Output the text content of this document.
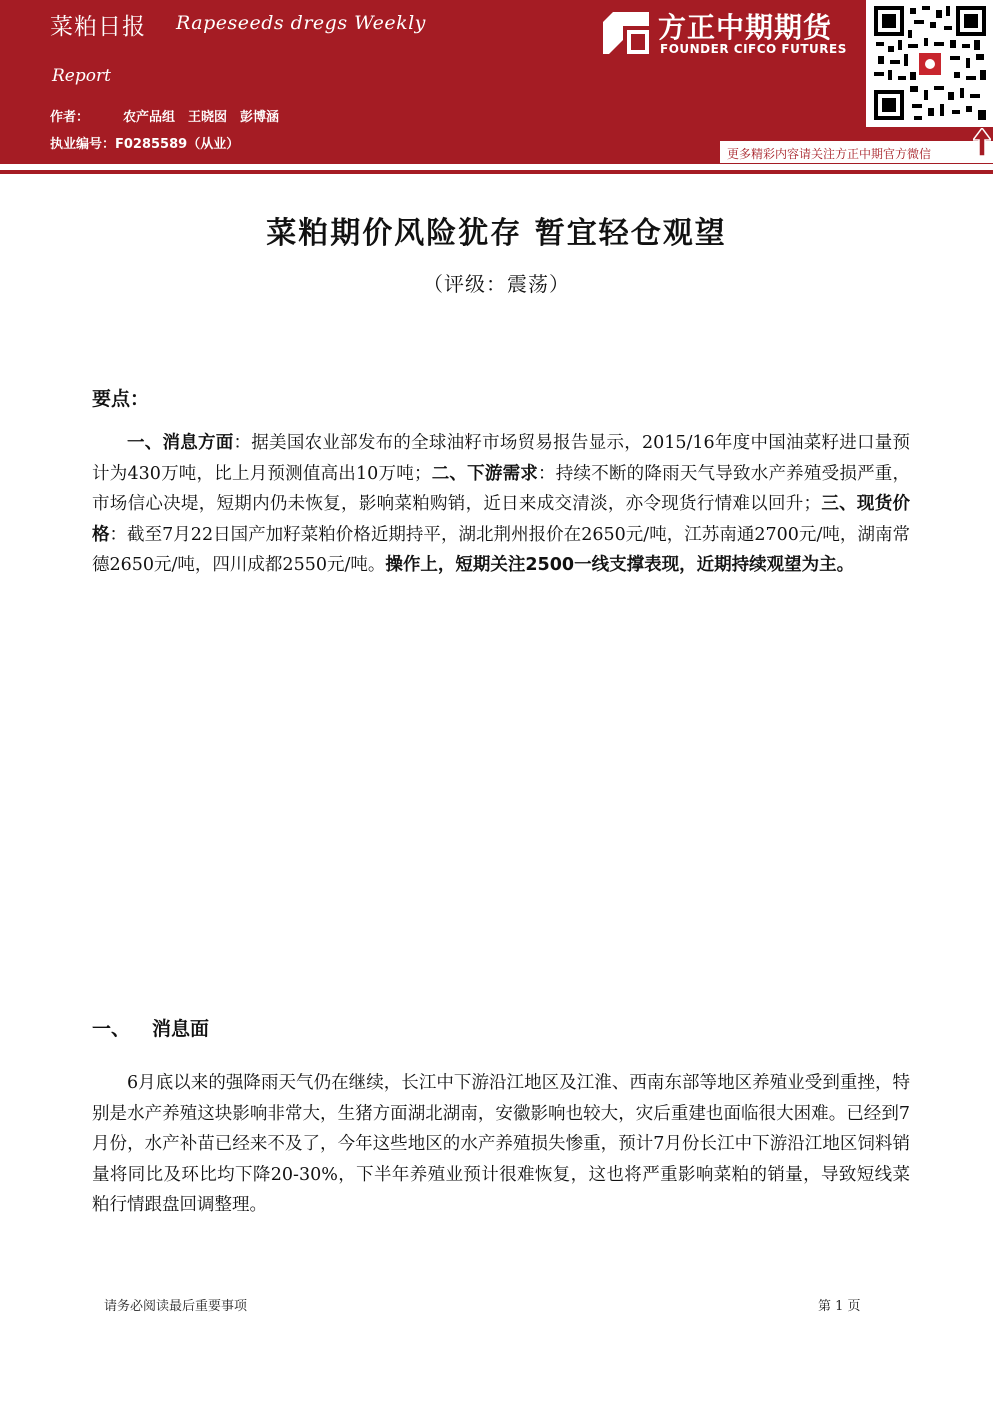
菜粕日报 Rapeseeds dregs Weekly
Report
作者：	农产品组　王晓囡　彭博涵
执业编号：F0285589（从业）
方正中期期货
FOUNDER CIFCO FUTURES
更多精彩内容请关注方正中期官方微信
菜粕期价风险犹存 暂宜轻仓观望
（评级：震荡）
要点：
一、消息方面：据美国农业部发布的全球油籽市场贸易报告显示，2015/16年度中国油菜籽进口量预计为430万吨，比上月预测值高出10万吨；二、下游需求：持续不断的降雨天气导致水产养殖受损严重，市场信心决堤，短期内仍未恢复，影响菜粕购销，近日来成交清淡，亦令现货行情难以回升；三、现货价格：截至7月22日国产加籽菜粕价格近期持平，湖北荆州报价在2650元/吨，江苏南通2700元/吨，湖南常德2650元/吨，四川成都2550元/吨。操作上，短期关注2500一线支撑表现，近期持续观望为主。
一、 消息面
6月底以来的强降雨天气仍在继续，长江中下游沿江地区及江淮、西南东部等地区养殖业受到重挫，特别是水产养殖这块影响非常大，生猪方面湖北湖南，安徽影响也较大，灾后重建也面临很大困难。已经到7月份，水产补苗已经来不及了，今年这些地区的水产养殖损失惨重，预计7月份长江中下游沿江地区饲料销量将同比及环比均下降20-30%，下半年养殖业预计很难恢复，这也将严重影响菜粕的销量，导致短线菜粕行情跟盘回调整理。
请务必阅读最后重要事项	第 1 页
